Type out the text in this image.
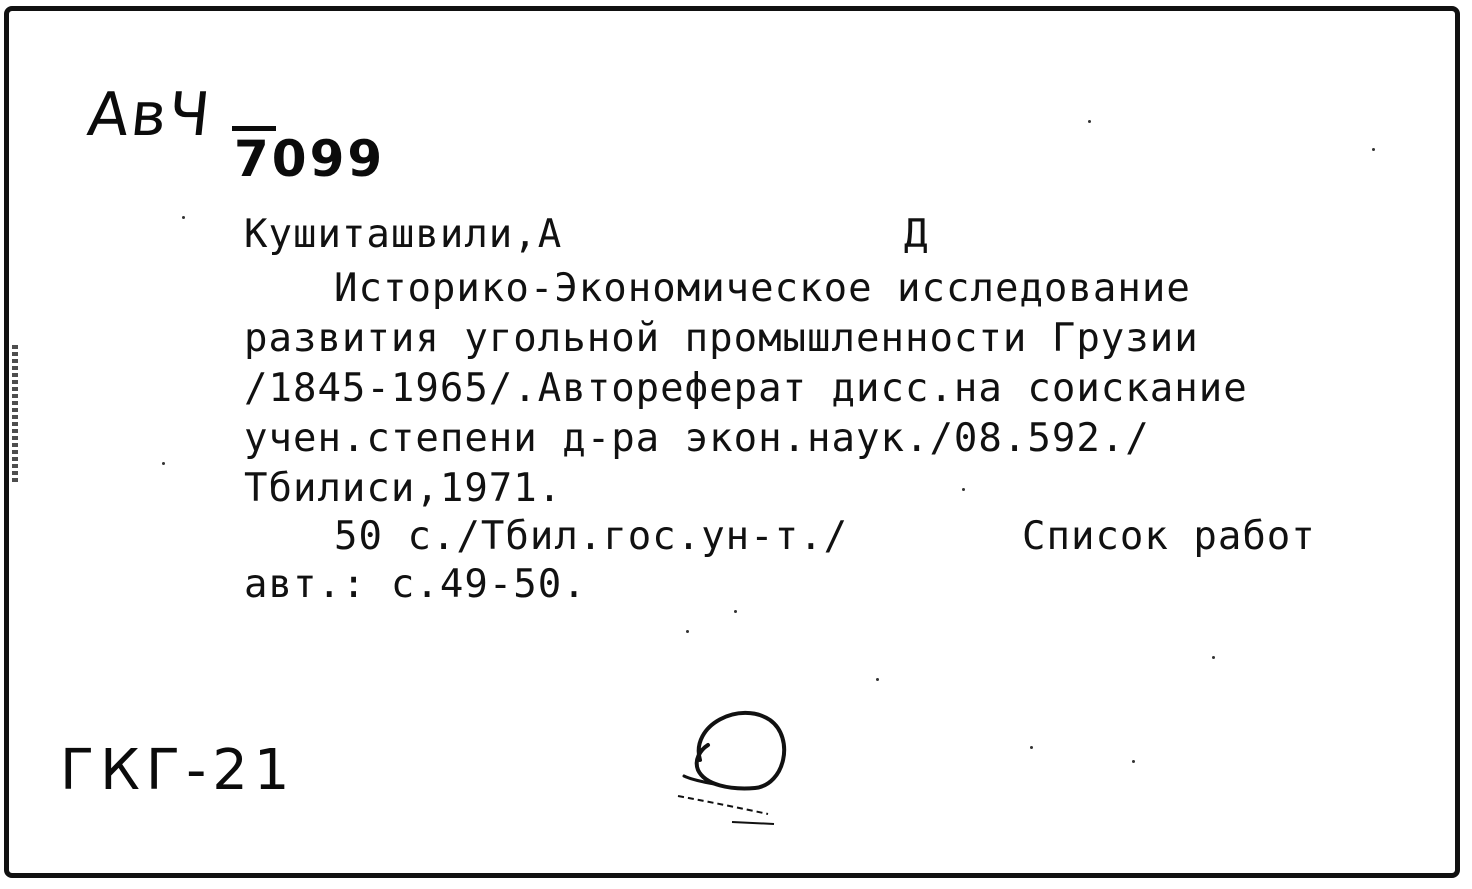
АвЧ
7099
Кушиташвили,А	Д
Историко-Экономическое исследование
развития угольной промышленности Грузии
/1845-1965/.Автореферат дисс.на соискание
учен.степени д-ра экон.наук./08.592./
Тбилиси,1971.
50 с./Тбил.гос.ун-т./	Список работ
авт.: с.49-50.
ГКГ-21
